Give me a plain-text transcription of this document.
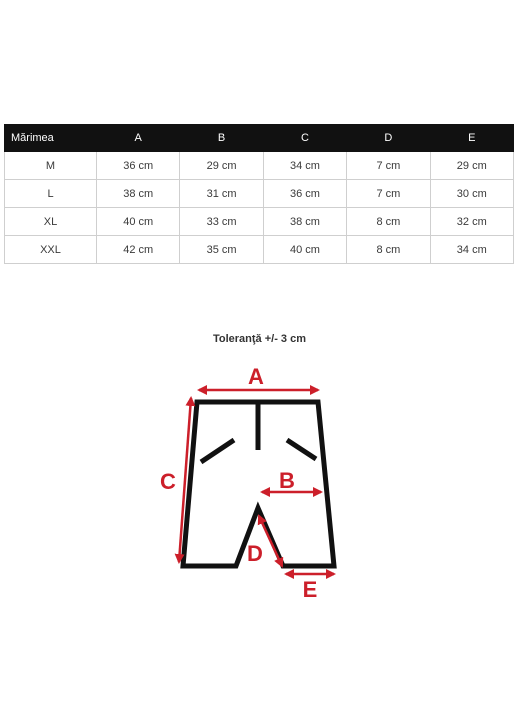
Mărimea	A	B	C	D	E
M	36 cm	29 cm	34 cm	7 cm	29 cm
L	38 cm	31 cm	36 cm	7 cm	30 cm
XL	40 cm	33 cm	38 cm	8 cm	32 cm
XXL	42 cm	35 cm	40 cm	8 cm	34 cm
Toleranţă +/- 3 cm
A
B
C
D
E
